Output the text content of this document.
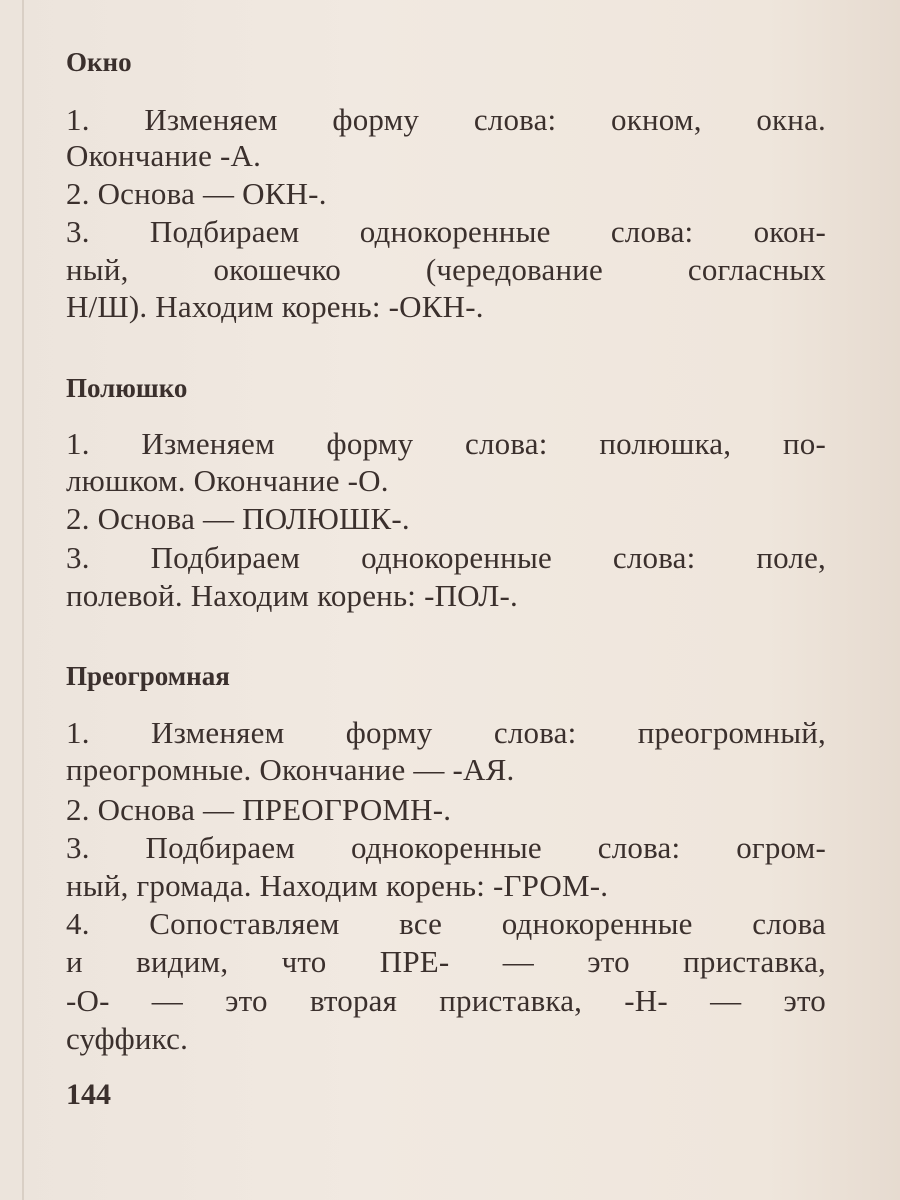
Окно
1. Изменяем форму слова: окном, окна.
Окончание -А.
2. Основа — ОКН-.
3. Подбираем однокоренные слова: окон-
ный, окошечко (чередование согласных
Н/Ш). Находим корень: -ОКН-.
Полюшко
1. Изменяем форму слова: полюшка, по-
люшком. Окончание -О.
2. Основа — ПОЛЮШК-.
3. Подбираем однокоренные слова: поле,
полевой. Находим корень: -ПОЛ-.
Преогромная
1. Изменяем форму слова: преогромный,
преогромные. Окончание — -АЯ.
2. Основа — ПРЕОГРОМН-.
3. Подбираем однокоренные слова: огром-
ный, громада. Находим корень: -ГРОМ-.
4. Сопоставляем все однокоренные слова
и видим, что ПРЕ- — это приставка,
-О- — это вторая приставка, -Н- — это
суффикс.
144
